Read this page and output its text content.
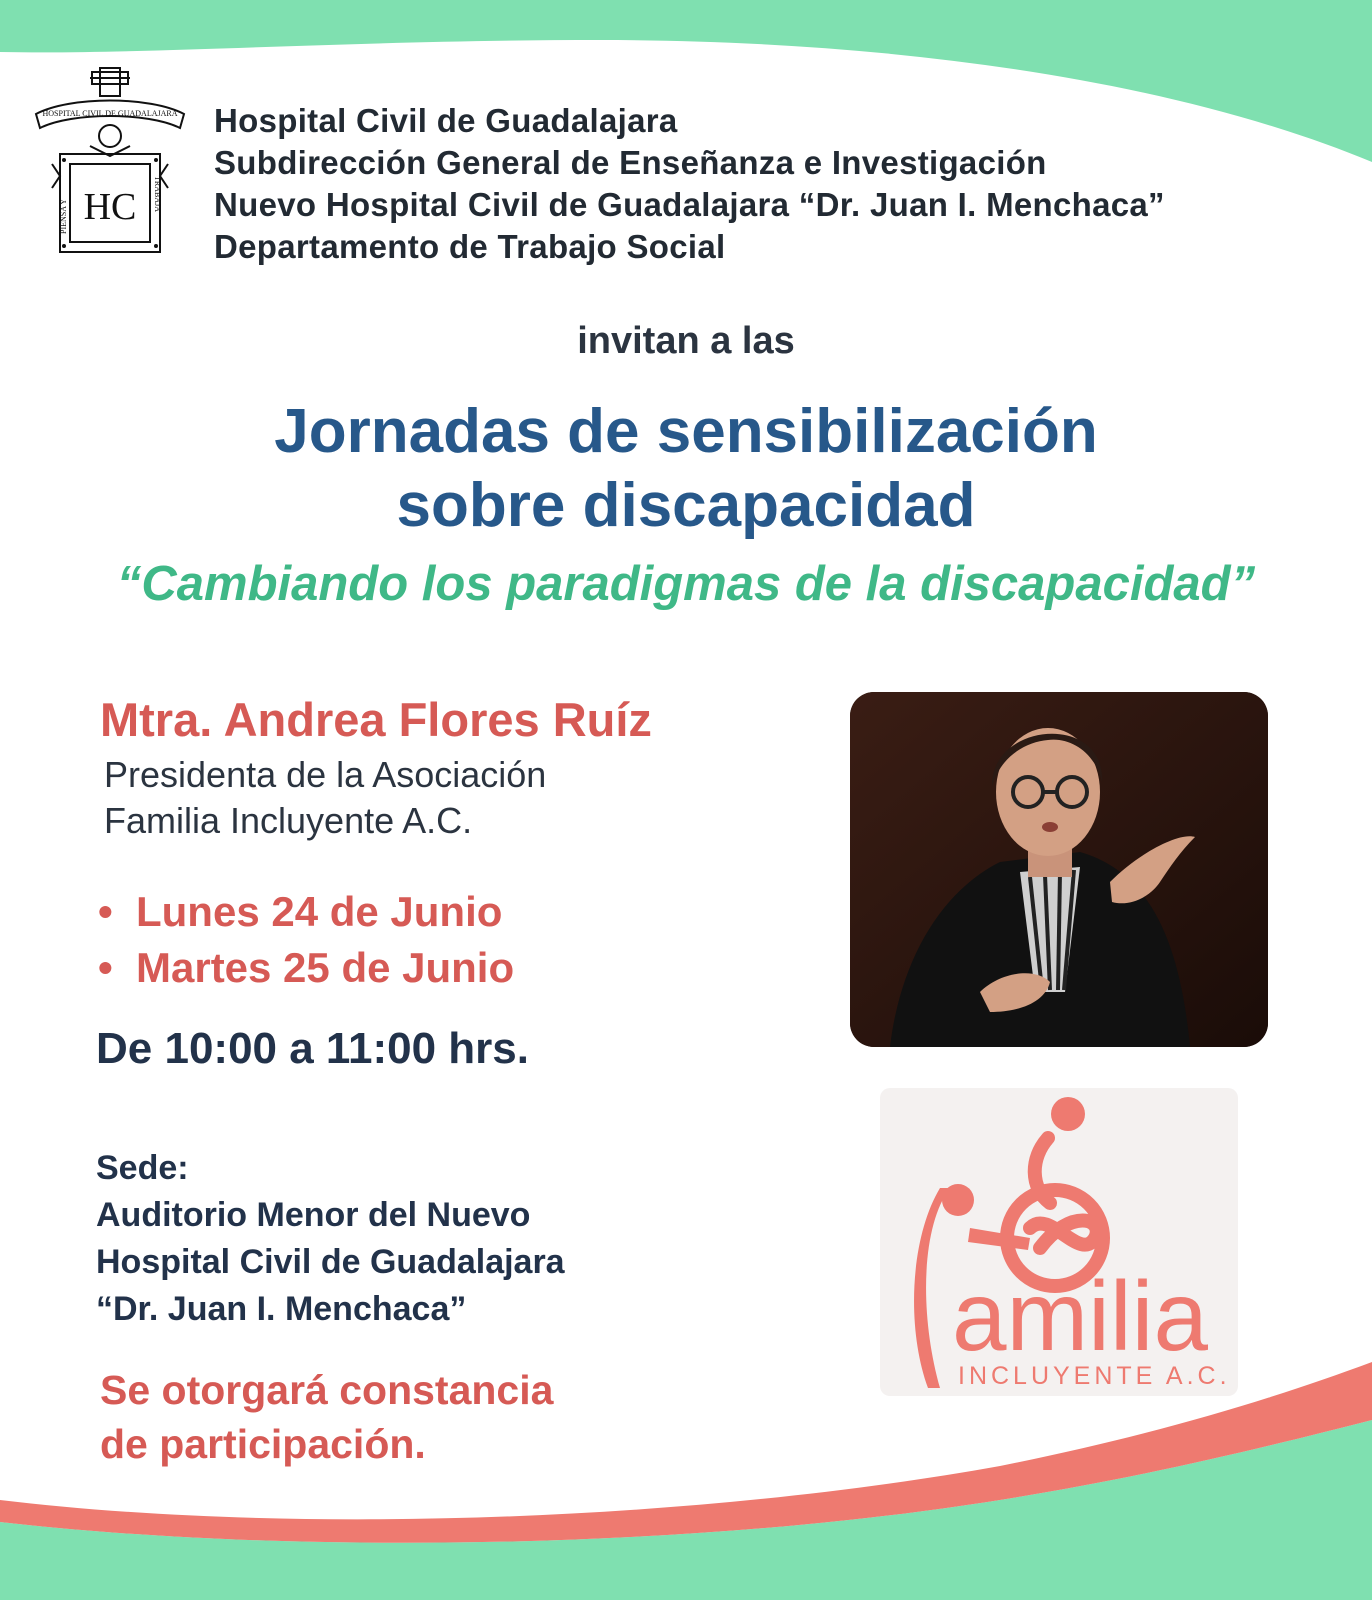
HOSPITAL CIVIL DE GUADALAJARA
HC
PIENSA Y
TRABAJA
Hospital Civil de Guadalajara
Subdirección General de Enseñanza e Investigación
Nuevo Hospital Civil de Guadalajara “Dr. Juan I. Menchaca”
Departamento de Trabajo Social
invitan a las
Jornadas de sensibilización
sobre discapacidad
“Cambiando los paradigmas de la discapacidad”
Mtra. Andrea Flores Ruíz
Presidenta de la Asociación
Familia Incluyente A.C.
• Lunes 24 de Junio
• Martes 25 de Junio
De 10:00 a 11:00 hrs.
Sede:
Auditorio Menor del Nuevo
Hospital Civil de Guadalajara
“Dr. Juan I. Menchaca”
Se otorgará constancia
de participación.
amilia
INCLUYENTE A.C.
